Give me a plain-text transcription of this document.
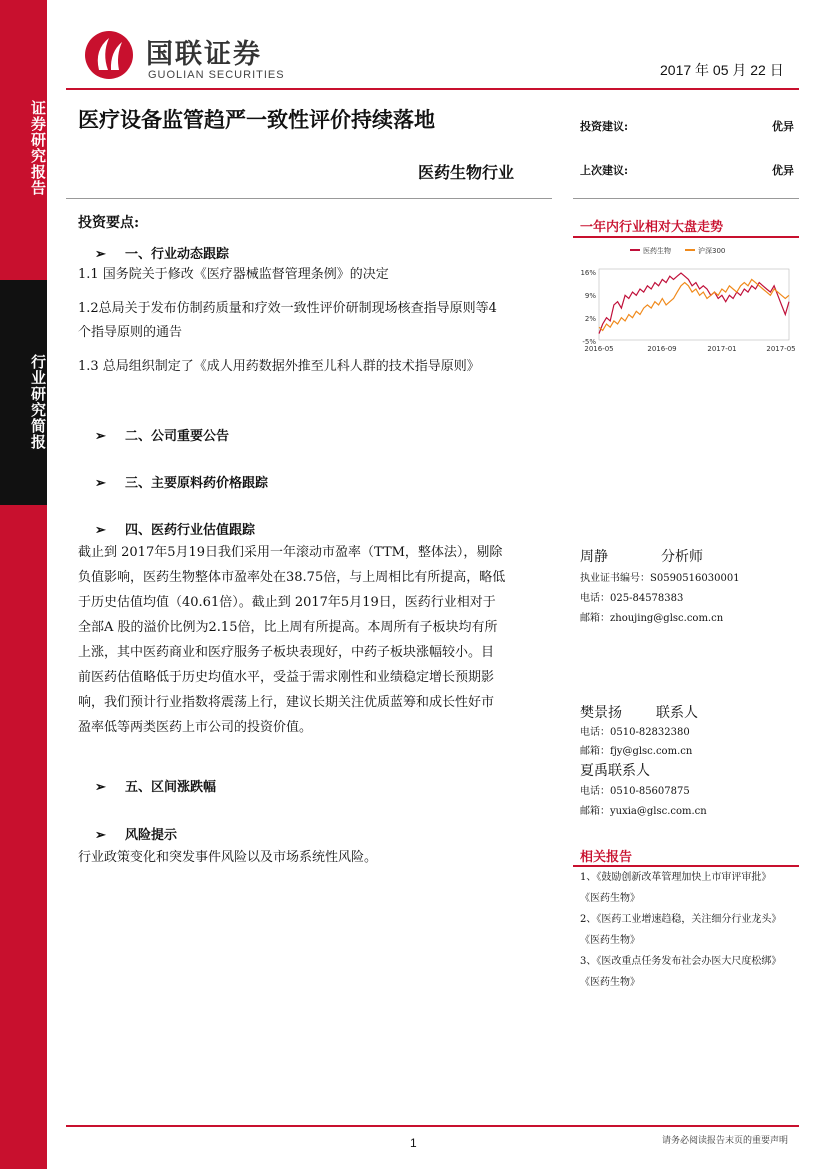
证券研究报告
行业研究简报
国联证券
GUOLIAN SECURITIES	2017 年 05 月 22 日
医疗设备监管趋严一致性评价持续落地
医药生物行业
投资建议:	优异
上次建议:	优异
投资要点:
➢ 一、行业动态跟踪
1.1 国务院关于修改《医疗器械监督管理条例》的决定
1.2总局关于发布仿制药质量和疗效一致性评价研制现场核查指导原则等4
个指导原则的通告
1.3 总局组织制定了《成人用药数据外推至儿科人群的技术指导原则》
➢ 二、公司重要公告
➢ 三、主要原料药价格跟踪
➢ 四、医药行业估值跟踪
截止到 2017年5月19日我们采用一年滚动市盈率（TTM，整体法），剔除
负值影响，医药生物整体市盈率处在38.75倍，与上周相比有所提高，略低
于历史估值均值（40.61倍）。截止到 2017年5月19日，医药行业相对于
全部A 股的溢价比例为2.15倍，比上周有所提高。本周所有子板块均有所
上涨，其中医药商业和医疗服务子板块表现好，中药子板块涨幅较小。目
前医药估值略低于历史均值水平，受益于需求刚性和业绩稳定增长预期影
响，我们预计行业指数将震荡上行，建议长期关注优质蓝筹和成长性好市
盈率低等两类医药上市公司的投资价值。
➢ 五、区间涨跌幅
➢ 风险提示
行业政策变化和突发事件风险以及市场系统性风险。
一年内行业相对大盘走势
医药生物	沪深300
16%
9%
2%
-5%
2016-05	2016-09	2017-01	2017-05
周静	分析师
执业证书编号：S0590516030001
电话：025-84578383
邮箱：zhoujing@glsc.com.cn
樊景扬 联系人
电话：0510-82832380
邮箱：fjy@glsc.com.cn
夏禹联系人
电话：0510-85607875
邮箱：yuxia@glsc.com.cn
相关报告
1、《鼓励创新改革管理加快上市审评审批》
《医药生物》
2、《医药工业增速趋稳，关注细分行业龙头》
《医药生物》
3、《医改重点任务发布社会办医大尺度松绑》
《医药生物》
1	请务必阅读报告末页的重要声明
